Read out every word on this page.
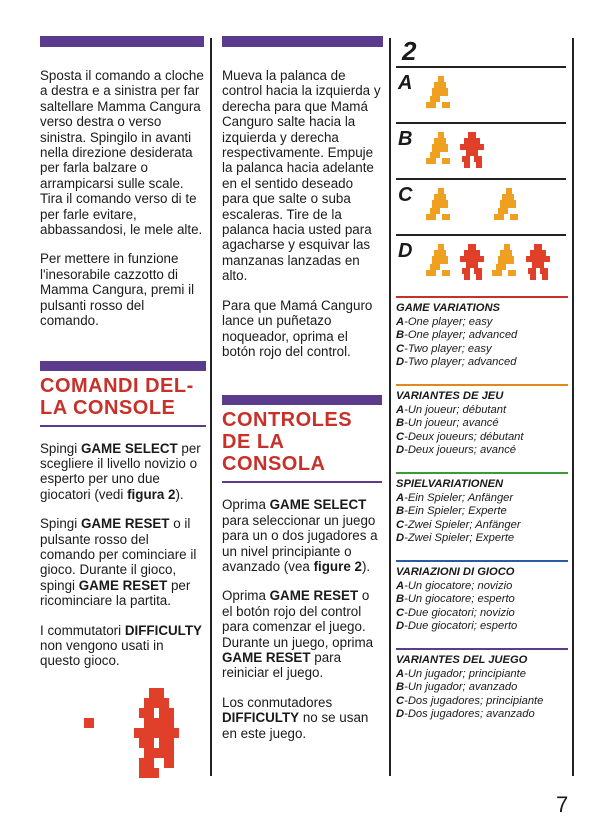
Sposta il comando a cloche a destra e a sinistra per far saltellare Mamma Cangura verso destra o verso sinistra. Spingilo in avanti nella direzione desiderata per farla balzare o arrampicarsi sulle scale. Tira il comando verso di te per farle evitare, abbassandosi, le mele alte.

Per mettere in funzione l'inesorabile cazzotto di Mamma Cangura, premi il pulsanti rosso del comando.

COMANDI DEL-LA CONSOLE

Spingi GAME SELECT per scegliere il livello novizio o esperto per uno due giocatori (vedi figura 2).

Spingi GAME RESET o il pulsante rosso del comando per cominciare il gioco. Durante il gioco, spingi GAME RESET per ricominciare la partita.

I commutatori DIFFICULTY non vengono usati in questo gioco.

Mueva la palanca de control hacia la izquierda y derecha para que Mamá Canguro salte hacia la izquierda y derecha respectivamente. Empuje la palanca hacia adelante en el sentido deseado para que salte o suba escaleras. Tire de la palanca hacia usted para agacharse y esquivar las manzanas lanzadas en alto.

Para que Mamá Canguro lance un puñetazo noqueador, oprima el botón rojo del control.

CONTROLES DE LA CONSOLA

Oprima GAME SELECT para seleccionar un juego para un o dos jugadores a un nivel principiante o avanzado (vea figure 2).

Oprima GAME RESET o el botón rojo del control para comenzar el juego. Durante un juego, oprima GAME RESET para reiniciar el juego.

Los conmutadores DIFFICULTY no se usan en este juego.

2
A
B
C
D
GAME VARIATIONS
A-One player; easy
B-One player; advanced
C-Two player; easy
D-Two player; advanced
VARIANTES DE JEU
A-Un joueur; débutant
B-Un joueur; avancé
C-Deux joueurs; débutant
D-Deux joueurs; avancé
SPIELVARIATIONEN
A-Ein Spieler; Anfänger
B-Ein Spieler; Experte
C-Zwei Spieler; Anfänger
D-Zwei Spieler; Experte
VARIAZIONI DI GIOCO
A-Un giocatore; novizio
B-Un giocatore; esperto
C-Due giocatori; novizio
D-Due giocatori; esperto
VARIANTES DEL JUEGO
A-Un jugador; principiante
B-Un jugador; avanzado
C-Dos jugadores; principiante
D-Dos jugadores; avanzado
7
